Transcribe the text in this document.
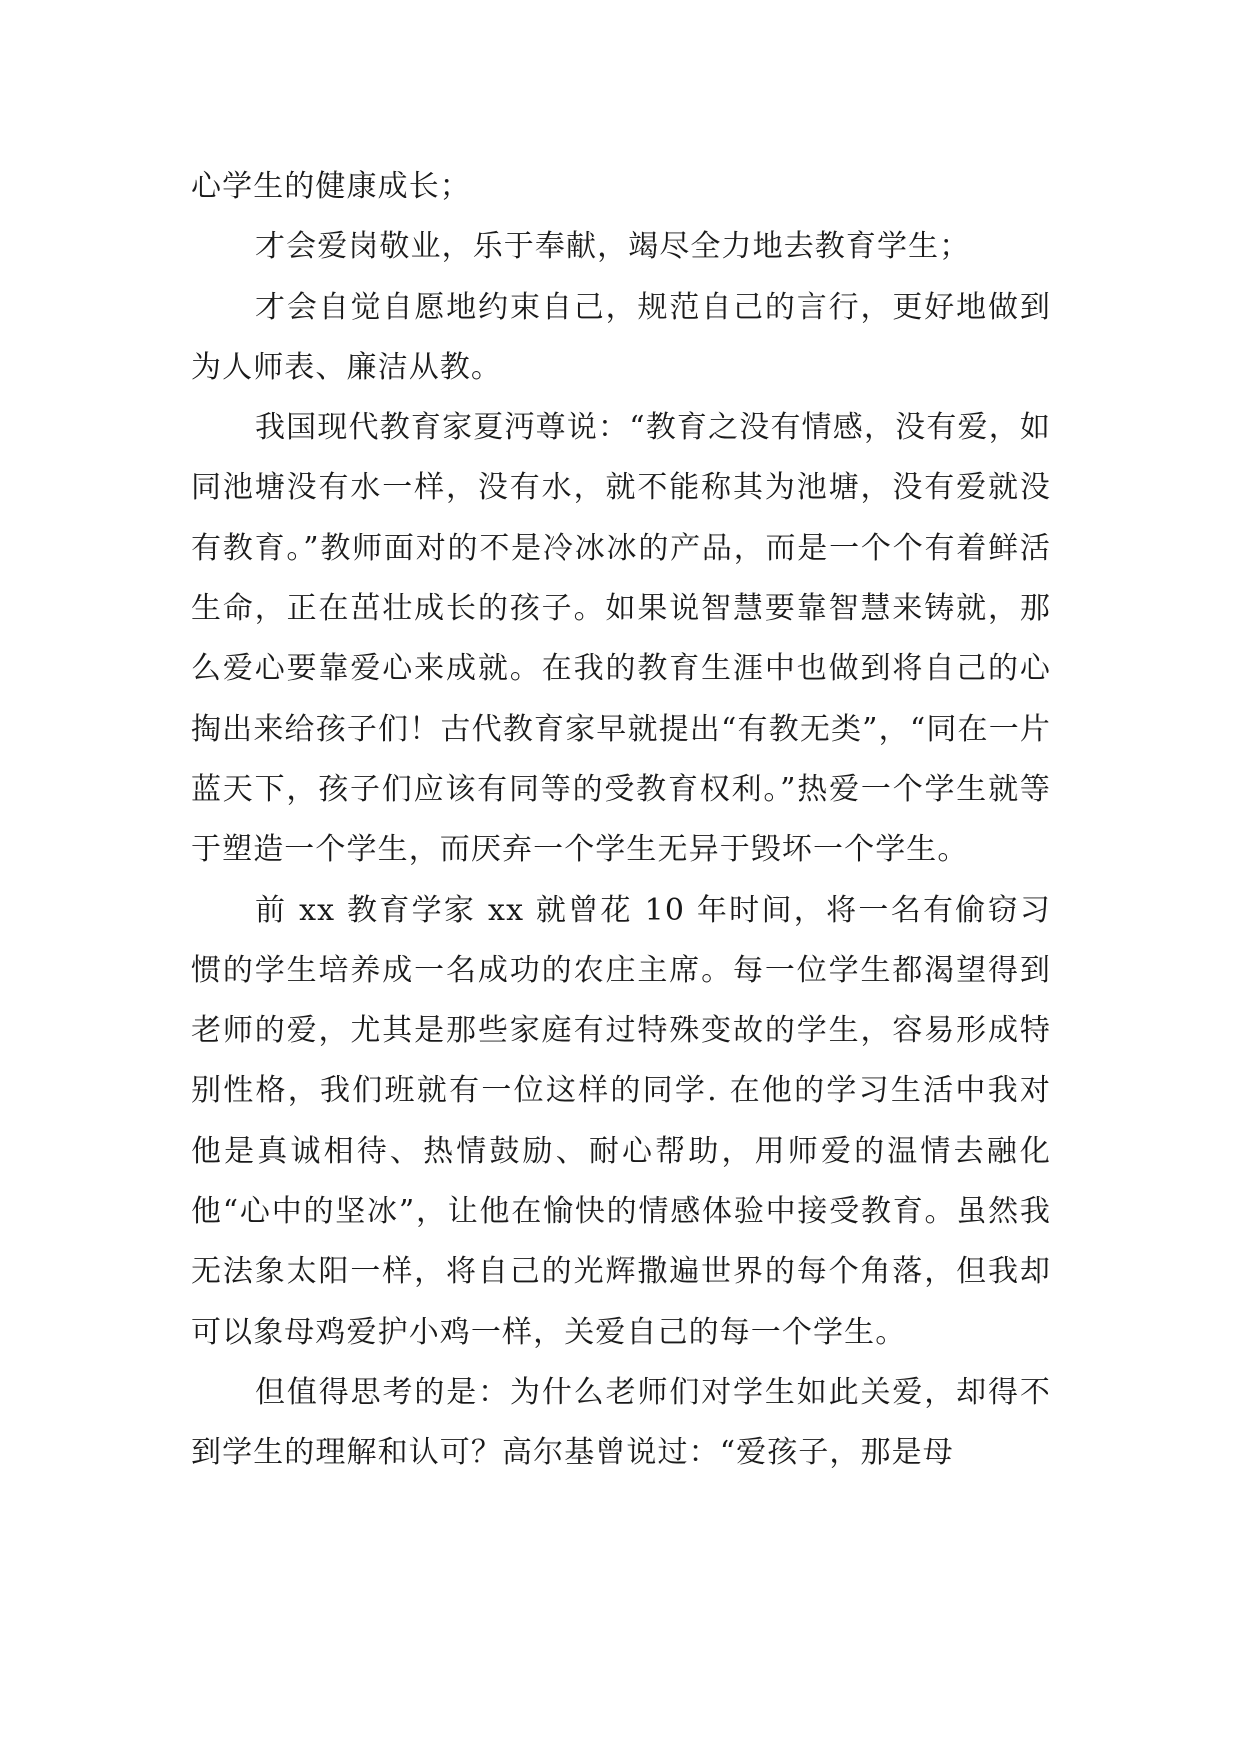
心学生的健康成长；

才会爱岗敬业，乐于奉献，竭尽全力地去教育学生；

才会自觉自愿地约束自己，规范自己的言行，更好地做到为人师表、廉洁从教。

我国现代教育家夏沔尊说：“教育之没有情感，没有爱，如同池塘没有水一样，没有水，就不能称其为池塘，没有爱就没有教育。”教师面对的不是冷冰冰的产品，而是一个个有着鲜活生命，正在茁壮成长的孩子。如果说智慧要靠智慧来铸就，那么爱心要靠爱心来成就。在我的教育生涯中也做到将自己的心掏出来给孩子们！古代教育家早就提出“有教无类”，“同在一片蓝天下，孩子们应该有同等的受教育权利。”热爱一个学生就等于塑造一个学生，而厌弃一个学生无异于毁坏一个学生。

前 xx 教育学家 xx 就曾花 10 年时间，将一名有偷窃习惯的学生培养成一名成功的农庄主席。每一位学生都渴望得到老师的爱，尤其是那些家庭有过特殊变故的学生，容易形成特别性格，我们班就有一位这样的同学. 在他的学习生活中我对他是真诚相待、热情鼓励、耐心帮助，用师爱的温情去融化他“心中的坚冰”，让他在愉快的情感体验中接受教育。虽然我无法象太阳一样，将自己的光辉撒遍世界的每个角落，但我却可以象母鸡爱护小鸡一样，关爱自己的每一个学生。

但值得思考的是：为什么老师们对学生如此关爱，却得不到学生的理解和认可？高尔基曾说过：“爱孩子，那是母
